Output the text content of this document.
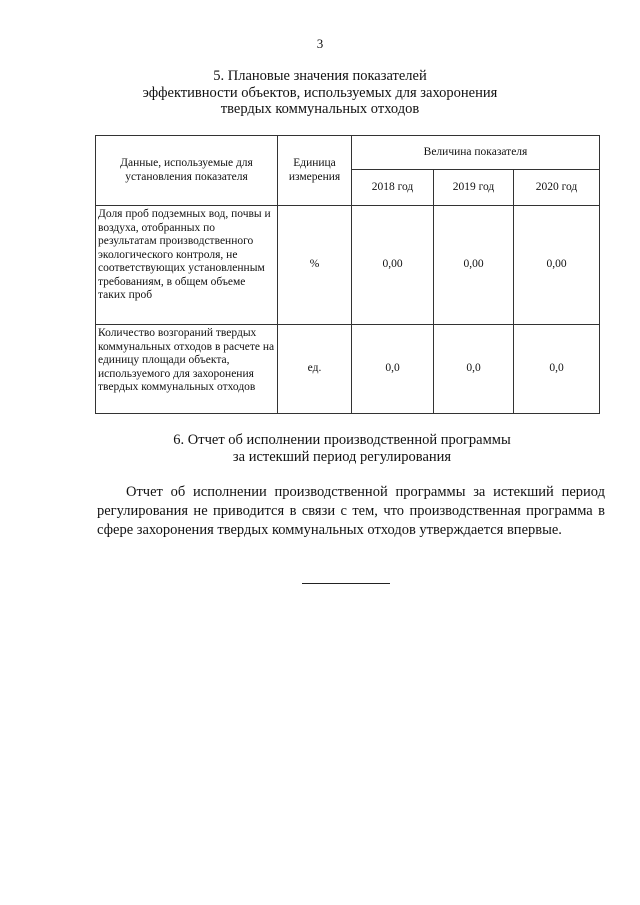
3
5. Плановые значения показателей
эффективности объектов, используемых для захоронения
твердых коммунальных отходов
Данные, используемые для установления показателя	Единица измерения	Величина показателя		
		2018 год	2019 год	2020 год
Доля проб подземных вод, почвы и воздуха, отобранных по результатам производственного экологического контроля, не соответствующих установленным требованиям, в общем объеме таких проб	%	0,00	0,00	0,00
Количество возгораний твердых коммунальных отходов в расчете на единицу площади объекта, используемого для захоронения твердых коммунальных отходов	ед.	0,0	0,0	0,0
6. Отчет об исполнении производственной программы
за истекший период регулирования
Отчет об исполнении производственной программы за истекший период регулирования не приводится в связи с тем, что производственная программа в сфере захоронения твердых коммунальных отходов утверждается впервые.
